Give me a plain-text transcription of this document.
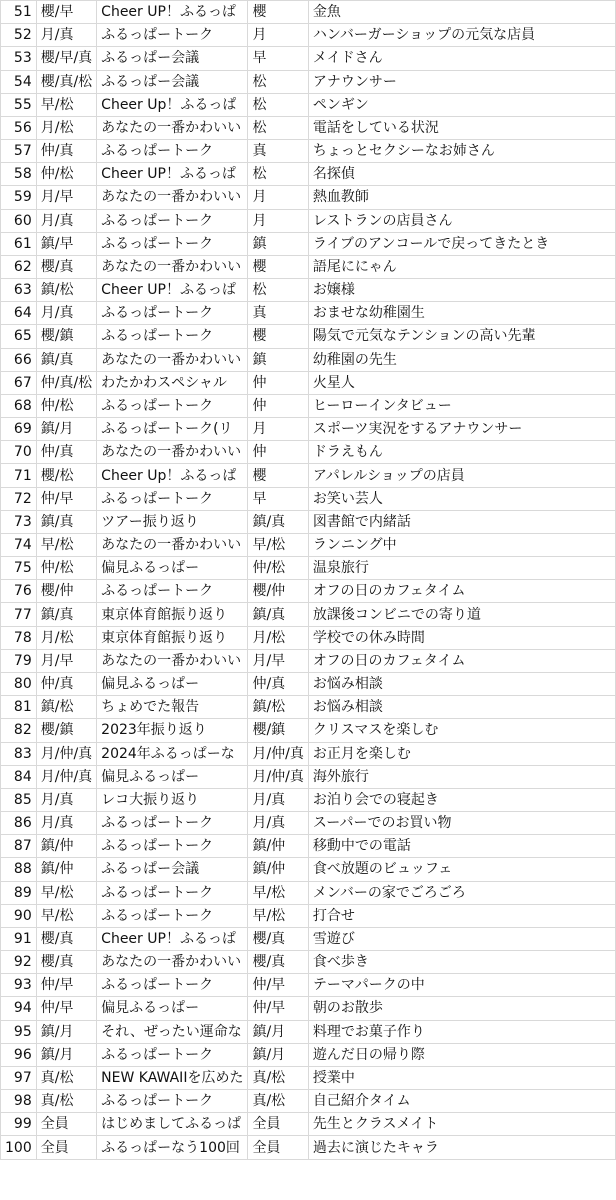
51	櫻/早	Cheer UP！ふるっぱ	櫻	金魚
52	月/真	ふるっぱートーク	月	ハンバーガーショップの元気な店員
53	櫻/早/真	ふるっぱー会議	早	メイドさん
54	櫻/真/松	ふるっぱー会議	松	アナウンサー
55	早/松	Cheer Up！ふるっぱ	松	ペンギン
56	月/松	あなたの一番かわいい	松	電話をしている状況
57	仲/真	ふるっぱートーク	真	ちょっとセクシーなお姉さん
58	仲/松	Cheer UP！ふるっぱ	松	名探偵
59	月/早	あなたの一番かわいい	月	熱血教師
60	月/真	ふるっぱートーク	月	レストランの店員さん
61	鎮/早	ふるっぱートーク	鎮	ライブのアンコールで戻ってきたとき
62	櫻/真	あなたの一番かわいい	櫻	語尾ににゃん
63	鎮/松	Cheer UP！ふるっぱ	松	お嬢様
64	月/真	ふるっぱートーク	真	おませな幼稚園生
65	櫻/鎮	ふるっぱートーク	櫻	陽気で元気なテンションの高い先輩
66	鎮/真	あなたの一番かわいい	鎮	幼稚園の先生
67	仲/真/松	わたかわスペシャル	仲	火星人
68	仲/松	ふるっぱートーク	仲	ヒーローインタビュー
69	鎮/月	ふるっぱートーク(リ	月	スポーツ実況をするアナウンサー
70	仲/真	あなたの一番かわいい	仲	ドラえもん
71	櫻/松	Cheer Up！ふるっぱ	櫻	アパレルショップの店員
72	仲/早	ふるっぱートーク	早	お笑い芸人
73	鎮/真	ツアー振り返り	鎮/真	図書館で内緒話
74	早/松	あなたの一番かわいい	早/松	ランニング中
75	仲/松	偏見ふるっぱー	仲/松	温泉旅行
76	櫻/仲	ふるっぱートーク	櫻/仲	オフの日のカフェタイム
77	鎮/真	東京体育館振り返り	鎮/真	放課後コンビニでの寄り道
78	月/松	東京体育館振り返り	月/松	学校での休み時間
79	月/早	あなたの一番かわいい	月/早	オフの日のカフェタイム
80	仲/真	偏見ふるっぱー	仲/真	お悩み相談
81	鎮/松	ちょめでた報告	鎮/松	お悩み相談
82	櫻/鎮	2023年振り返り	櫻/鎮	クリスマスを楽しむ
83	月/仲/真	2024年ふるっぱーな	月/仲/真	お正月を楽しむ
84	月/仲/真	偏見ふるっぱー	月/仲/真	海外旅行
85	月/真	レコ大振り返り	月/真	お泊り会での寝起き
86	月/真	ふるっぱートーク	月/真	スーパーでのお買い物
87	鎮/仲	ふるっぱートーク	鎮/仲	移動中での電話
88	鎮/仲	ふるっぱー会議	鎮/仲	食べ放題のビュッフェ
89	早/松	ふるっぱートーク	早/松	メンバーの家でごろごろ
90	早/松	ふるっぱートーク	早/松	打合せ
91	櫻/真	Cheer UP！ふるっぱ	櫻/真	雪遊び
92	櫻/真	あなたの一番かわいい	櫻/真	食べ歩き
93	仲/早	ふるっぱートーク	仲/早	テーマパークの中
94	仲/早	偏見ふるっぱー	仲/早	朝のお散歩
95	鎮/月	それ、ぜったい運命な	鎮/月	料理でお菓子作り
96	鎮/月	ふるっぱートーク	鎮/月	遊んだ日の帰り際
97	真/松	NEW KAWAIIを広めた	真/松	授業中
98	真/松	ふるっぱートーク	真/松	自己紹介タイム
99	全員	はじめましてふるっぱ	全員	先生とクラスメイト
100	全員	ふるっぱーなう100回	全員	過去に演じたキャラ
